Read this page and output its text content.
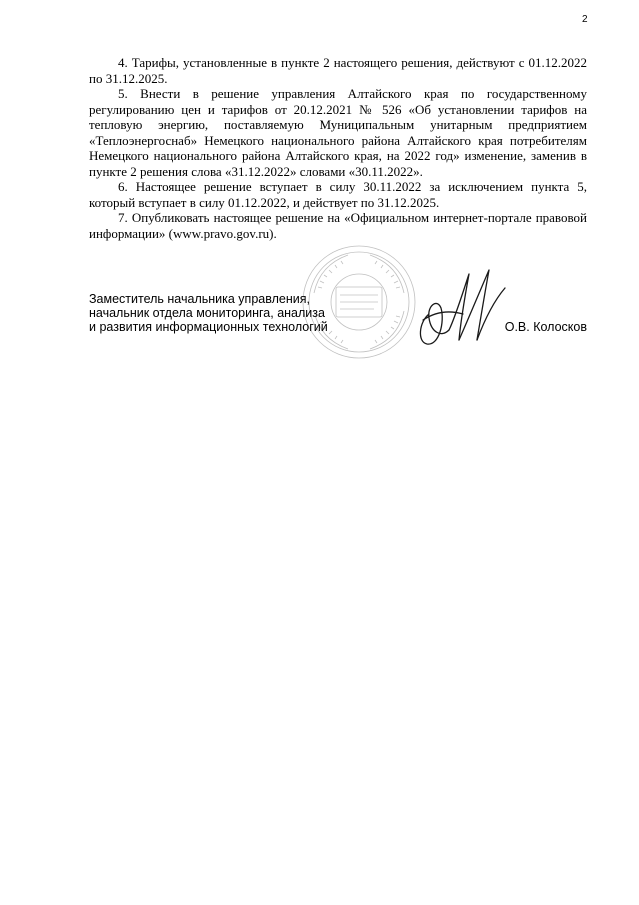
2

4. Тарифы, установленные в пункте 2 настоящего решения, действуют с 01.12.2022 по 31.12.2025.

5. Внести в решение управления Алтайского края по государственному регулированию цен и тарифов от 20.12.2021 № 526 «Об установлении тарифов на тепловую энергию, поставляемую Муниципальным унитарным предприятием «Теплоэнергоснаб» Немецкого национального района Алтайского края потребителям Немецкого национального района Алтайского края, на 2022 год» изменение, заменив в пункте 2 решения слова «31.12.2022» словами «30.11.2022».

6. Настоящее решение вступает в силу 30.11.2022 за исключением пункта 5, который вступает в силу 01.12.2022, и действует по 31.12.2025.

7. Опубликовать настоящее решение на «Официальном интернет-портале правовой информации» (www.pravo.gov.ru).

Заместитель начальника управления,
начальник отдела мониторинга, анализа
и развития информационных технологий	О.В. Колосков
